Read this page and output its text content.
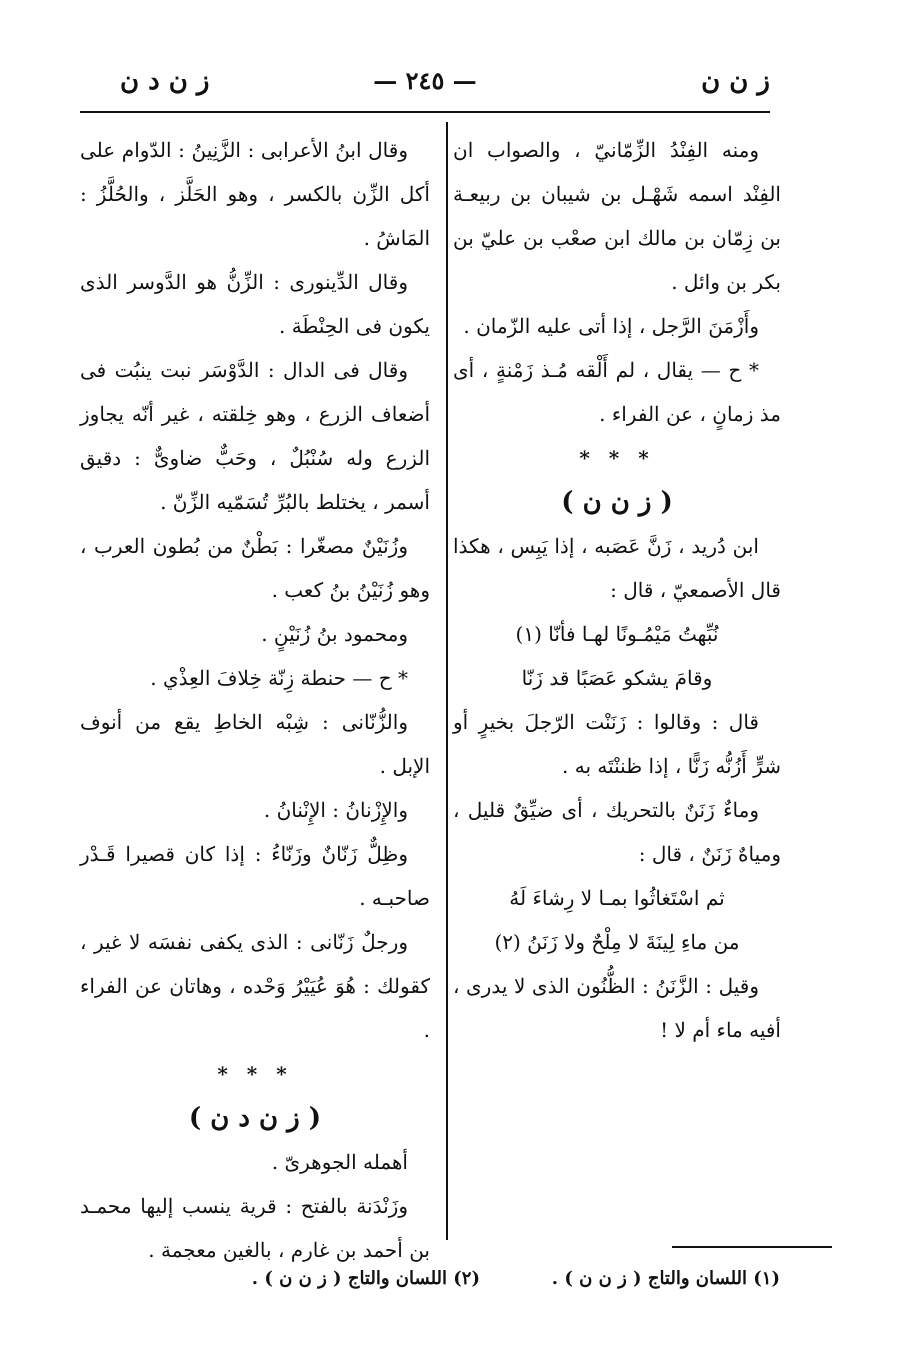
ز ن ن
— ٢٤٥ —
ز ن د ن

ومنه الفِنْدُ الزِّمّانيّ ، والصواب ان الفِنْد اسمه شَهْـل بن شيبان بن ربيعـة بن زِمّان بن مالك ابن صعْب بن عليّ بن بكر بن وائل .

وأَزْمَنَ الرَّجل ، إذا أتى عليه الزّمان .

* ح — يقال ، لم أَلْقه مُـذ زَمْنةٍ ، أى مذ زمانٍ ، عن الفراء .

* * *

( ز ن ن )

ابن دُريد ، زَنَّ عَصَبه ، إذا يَبِس ، هكذا قال الأصمعيّ ، قال :

نُبِّهتُ مَيْمُـونًا لهـا فأنّا (١)

وقامَ يشكو عَصَبًا قد زَنّا

قال : وقالوا : زَنَنْت الرّجلَ بخيرٍ أو شرٍّ أَزُنُّه زَنًّا ، إذا ظننْتَه به .

وماءٌ زَنَنٌ بالتحريك ، أى ضيِّقٌ قليل ، ومياهٌ زَنَنٌ ، قال :

ثم اسْتَغاثُوا بمـا لا رِشاءَ لَهُ

من ماءِ لِينَةَ لا مِلْحٌ ولا زَنَنُ (٢)

وقيل : الزَّنَنُ : الظُّنُون الذى لا يدرى ، أفيه ماء أم لا !

وقال ابنُ الأعرابى : الزَّنِينُ : الدّوام على أكل الزِّن بالكسر ، وهو الحَلَّز ، والحُلَّزُ : المَاشُ .

وقال الدِّينورى : الزِّنُّ هو الدَّوسر الذى يكون فى الحِنْطَة .

وقال فى الدال : الدَّوْسَر نبت ينبُت فى أضعاف الزرع ، وهو خِلقته ، غير أنّه يجاوز الزرع وله سُنْبُلٌ ، وحَبٌّ ضاوىٌّ : دقيق أسمر ، يختلط بالبُرِّ تُسَمّيه الزِّنّ .

وزُنَيْنٌ مصغّرا : بَطْنٌ من بُطون العرب ، وهو زُنَيْنُ بنُ كعب .

ومحمود بنُ زُنَيْنٍ .

* ح — حنطة زِنّة خِلافَ العِذْي .

والزُّنّانى : شِبْه الخاطِ يقع من أنوف الإبل .

والإِزْنانُ : الإِنْنانُ .

وظِلٌّ زَنّانٌ وزَنّاءُ : إذا كان قصيرا قَـدْر صاحبـه .

ورجلٌ زَنّانى : الذى يكفى نفسَه لا غير ، كقولك : هُوَ عُيَيْرُ وَحْده ، وهاتان عن الفراء .

* * *

( ز ن د ن )

أهمله الجوهرىّ .

وزَنْدَنة بالفتح : قرية ينسب إليها محمـد بن أحمد بن غارم ، بالغين معجمة .

(١) اللسان والتاج ( ز ن ن ) .
(٢) اللسان والتاج ( ز ن ن ) .
